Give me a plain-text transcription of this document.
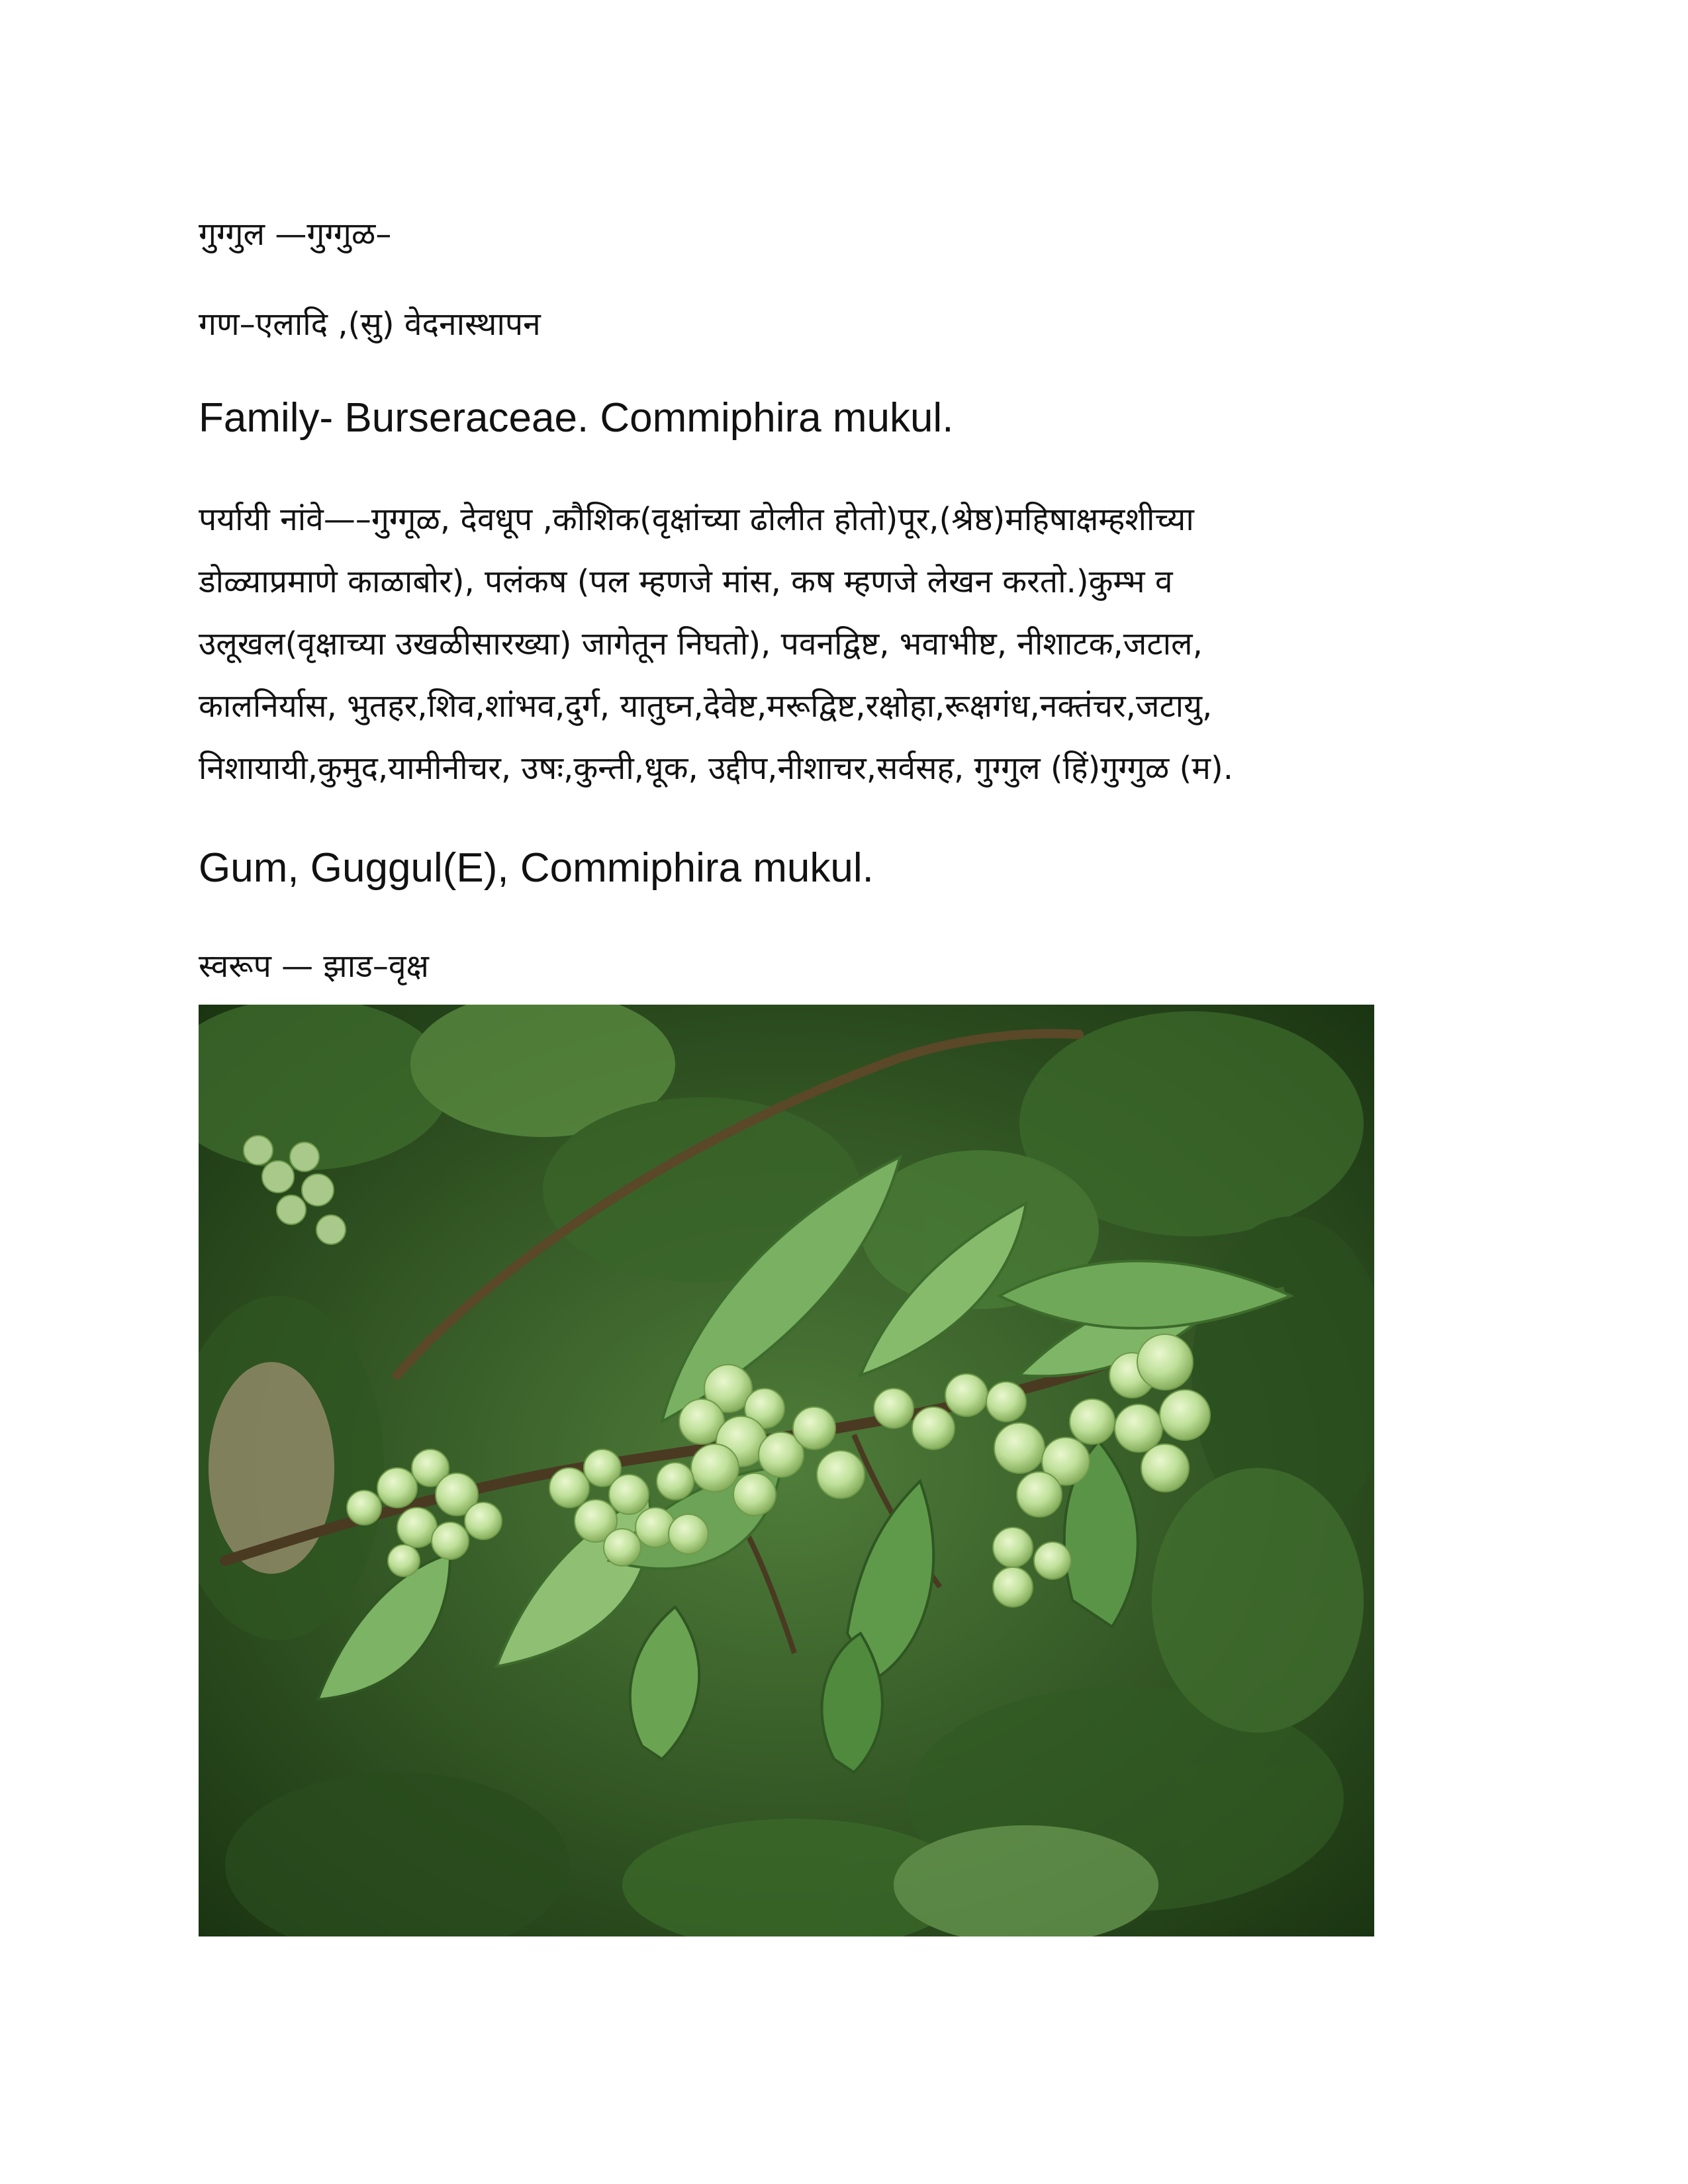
गुग्गुल —गुग्गुळ–

गण–एलादि ,(सु) वेदनास्थापन

Family- Burseraceae. Commiphira mukul.

पर्यायी नांवे—–गुग्गूळ, देवधूप ,कौशिक(वृक्षांच्या ढोलीत होतो)पूर,(श्रेष्ठ)महिषाक्षम्हशीच्या
डोळ्याप्रमाणे काळाबोर), पलंकष (पल म्हणजे मांस, कष म्हणजे लेखन करतो.)कुम्भ व
उलूखल(वृक्षाच्या उखळीसारख्या) जागेतून निघतो), पवनद्विष्ट, भवाभीष्ट, नीशाटक,जटाल,
कालनिर्यास, भुतहर,शिव,शांभव,दुर्ग, यातुघ्न,देवेष्ट,मरूद्विष्ट,रक्षोहा,रूक्षगंध,नक्तंचर,जटायु,
निशायायी,कुमुद,यामीनीचर, उषः,कुन्ती,धूक, उद्दीप,नीशाचर,सर्वसह, गुग्गुल (हिं)गुग्गुळ (म).

Gum, Guggul(E), Commiphira mukul.

स्वरूप — झाड–वृक्ष
